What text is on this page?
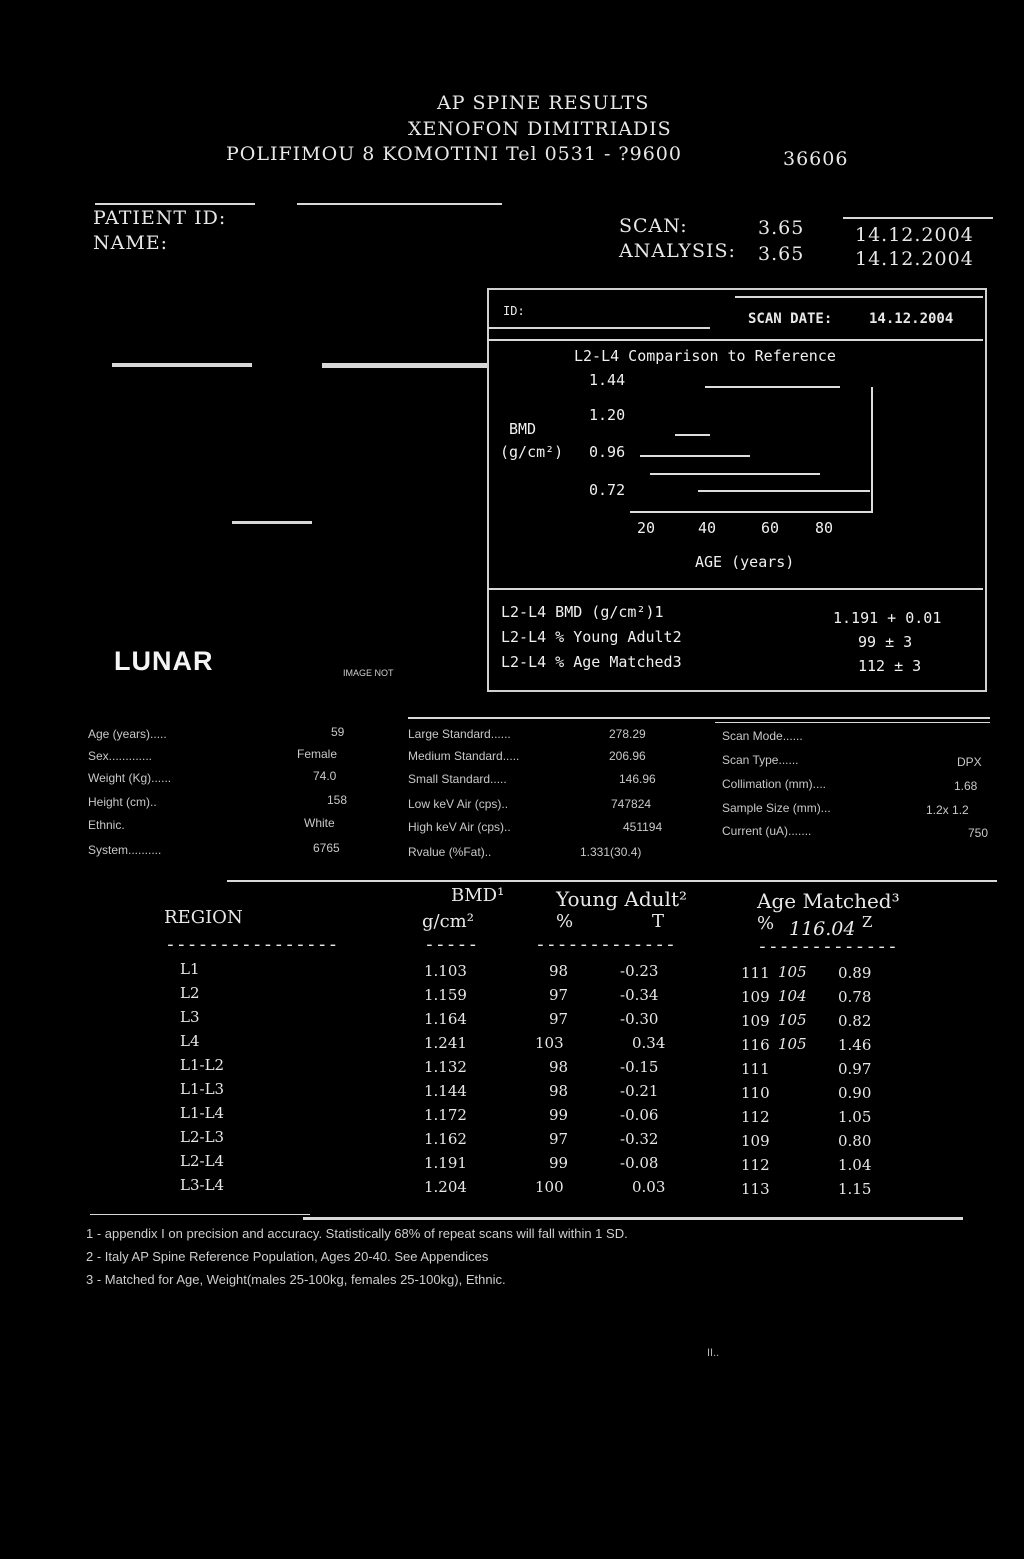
AP SPINE RESULTS
XENOFON DIMITRIADIS
POLIFIMOU 8 KOMOTINI Tel 0531 - ?9600	36606
PATIENT ID:
NAME:
SCAN:	3.65	14.12.2004
ANALYSIS: 3.65	14.12.2004
LUNAR	IMAGE NOT
ID:	SCAN DATE:	14.12.2004
L2-L4 Comparison to Reference
BMD
(g/cm²)
1.44
1.20
0.96
0.72
20	40	60 80
AGE (years)
L2-L4 BMD (g/cm²)1	1.191 + 0.01
L2-L4 % Young Adult2	99 ± 3
L2-L4 % Age Matched3	112 ± 3
Age (years).....	59
Sex.............	Female
Weight (Kg)......	74.0
Height (cm)..	158
Ethnic.	White
System..........	6765
Large Standard......	278.29
Medium Standard.....	206.96
Small Standard.....	146.96
Low keV Air (cps)..	747824
High keV Air (cps)..	451194
Rvalue (%Fat)..	1.331(30.4)
Scan Mode......
Scan Type......	DPX
Collimation (mm)....	1.68
Sample Size (mm)...	1.2x 1.2
Current (uA).......	750
BMD¹	Young Adult²	Age Matched³
REGION	g/cm²	%	T	% 116.04 Z
----------------	-----	-------------	-------------
L1	1.103	98	-0.23	111 105 0.89
L2	1.159	97	-0.34	109 104 0.78
L3	1.164	97	-0.30	109 105 0.82
L4	1.241	103	0.34	116 105 1.46
L1-L2	1.132	98	-0.15	111	0.97
L1-L3	1.144	98	-0.21	110	0.90
L1-L4	1.172	99	-0.06	112	1.05
L2-L3	1.162	97	-0.32	109	0.80
L2-L4	1.191	99	-0.08	112	1.04
L3-L4	1.204	100	0.03	113	1.15
1 - appendix I on precision and accuracy. Statistically 68% of repeat scans will fall within 1 SD.
2 - Italy AP Spine Reference Population, Ages 20-40. See Appendices
3 - Matched for Age, Weight(males 25-100kg, females 25-100kg), Ethnic.
II..
